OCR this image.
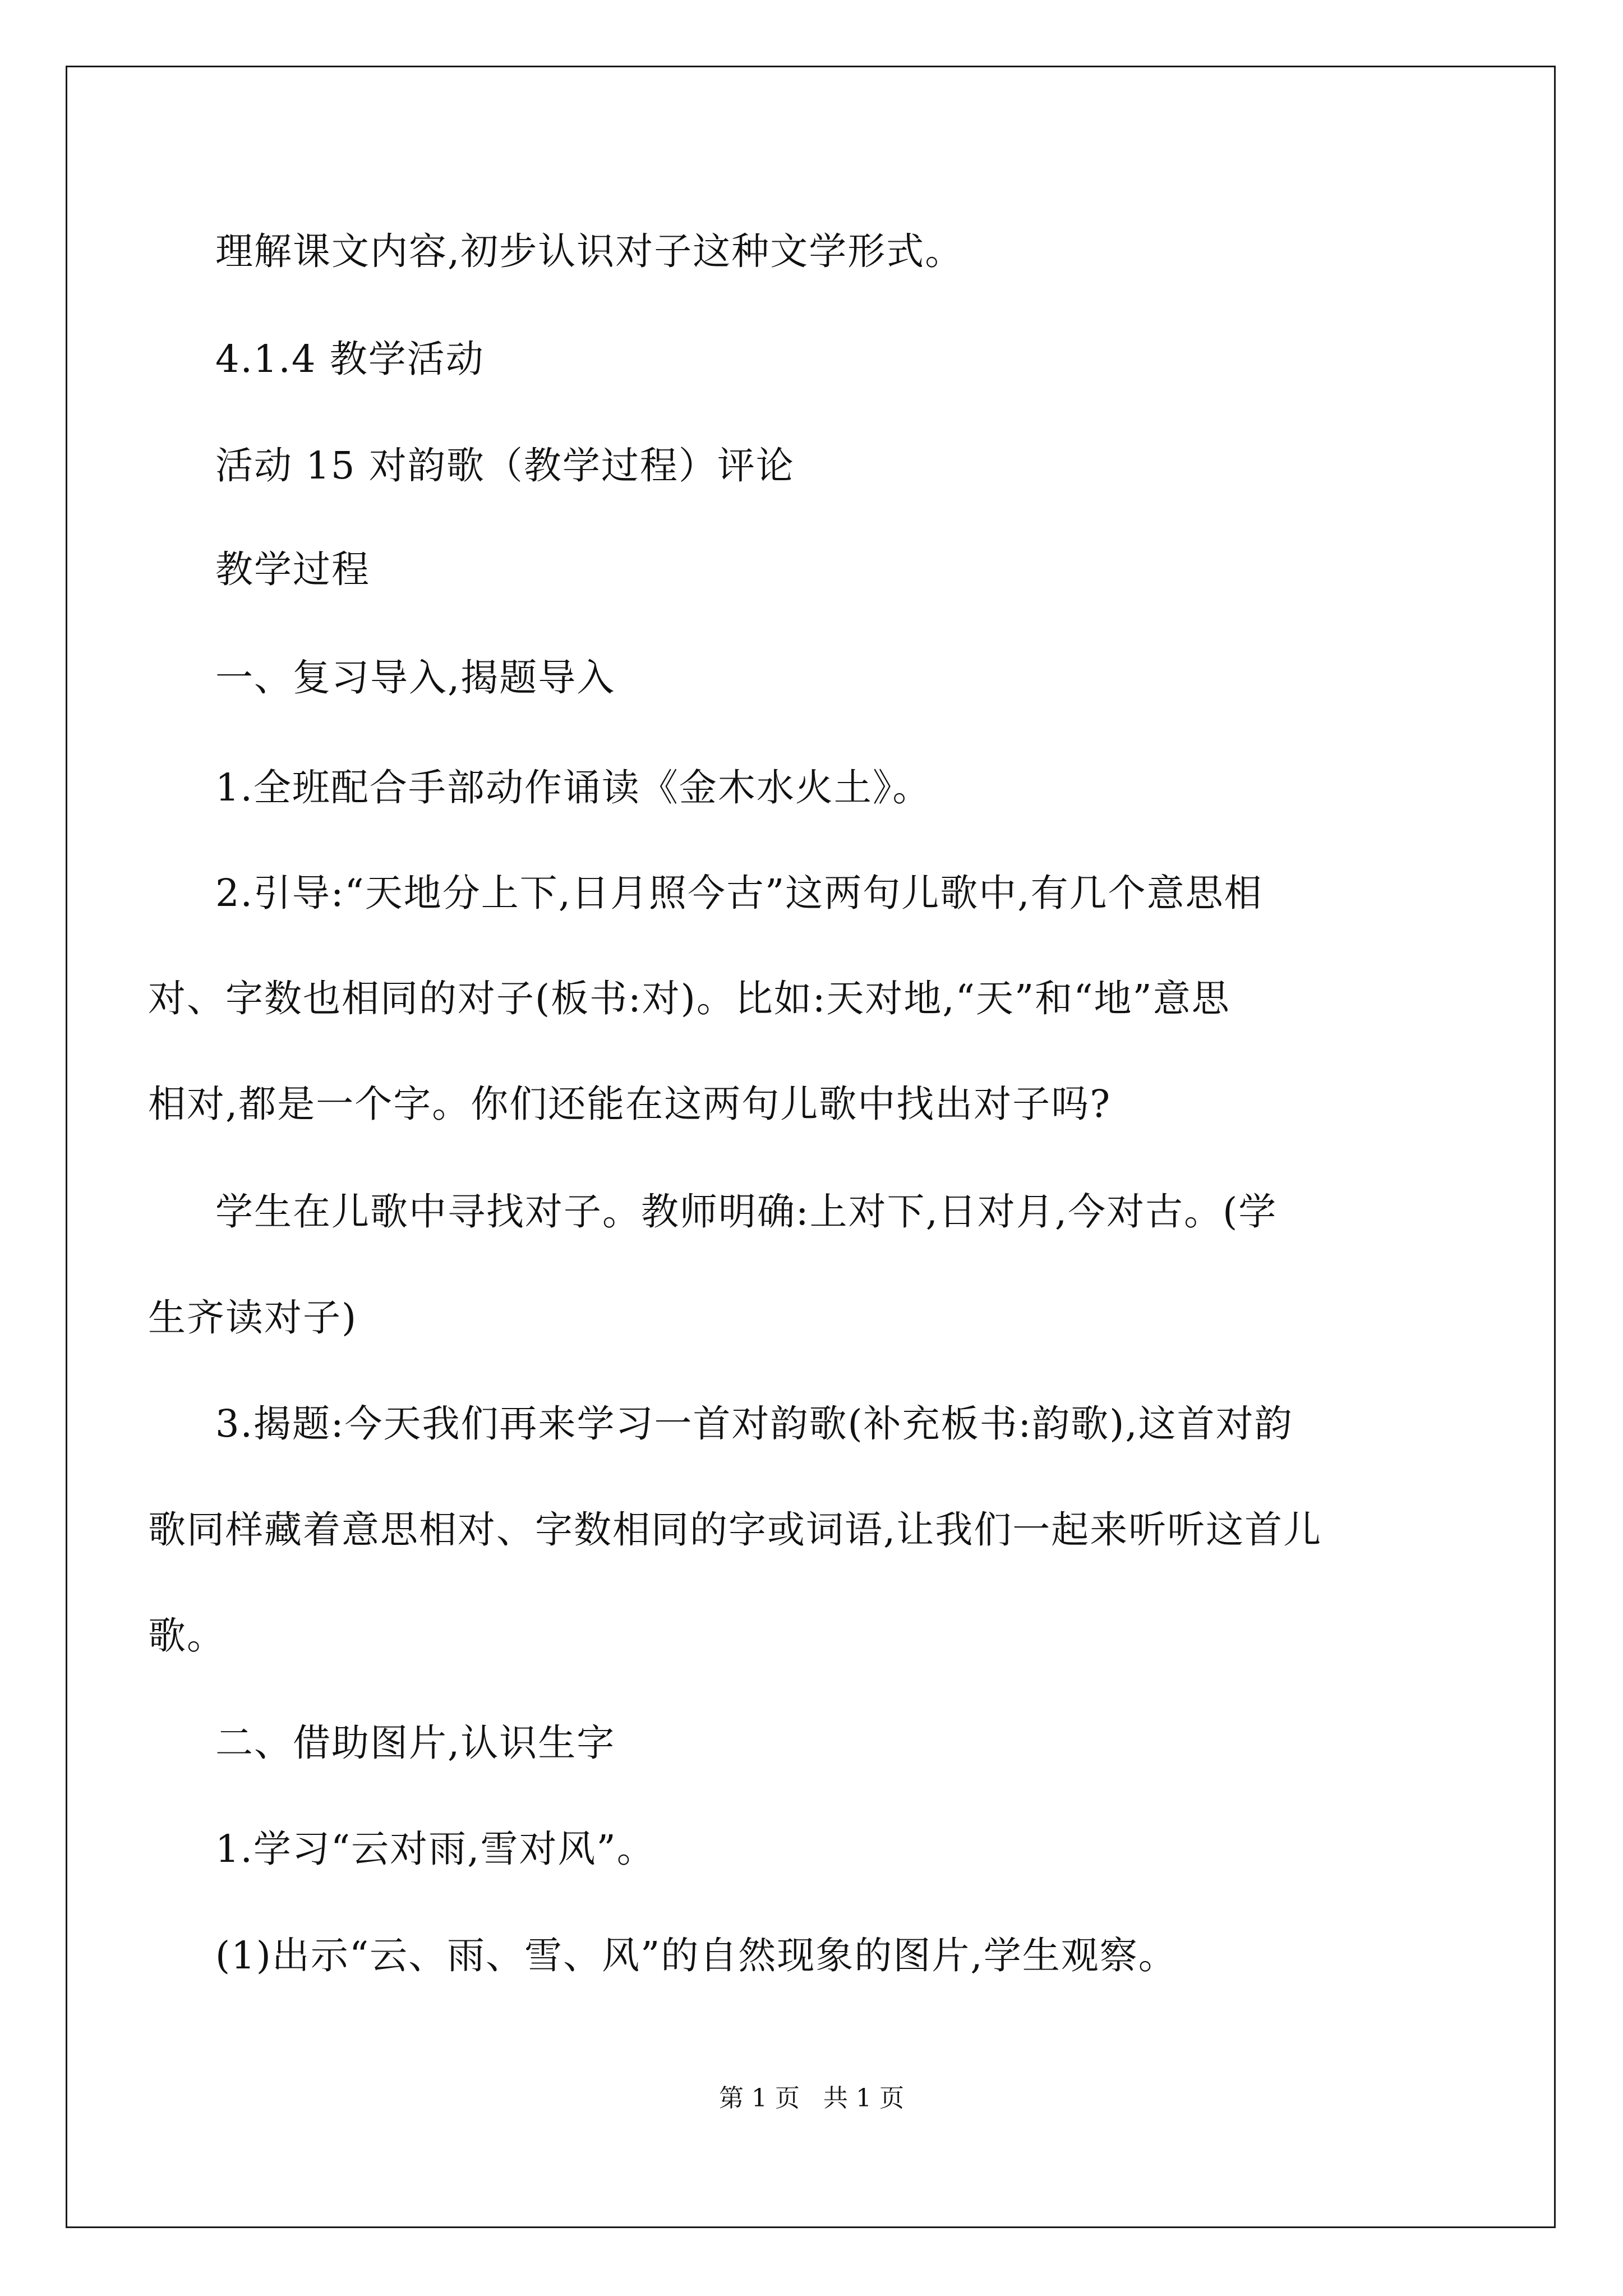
理解课文内容,初步认识对子这种文学形式。
4.1.4 教学活动
活动 15 对韵歌（教学过程）评论
教学过程
一、复习导入,揭题导入
1.全班配合手部动作诵读《金木水火土》。
2.引导:“天地分上下,日月照今古”这两句儿歌中,有几个意思相
对、字数也相同的对子(板书:对)。比如:天对地,“天”和“地”意思
相对,都是一个字。你们还能在这两句儿歌中找出对子吗?
学生在儿歌中寻找对子。教师明确:上对下,日对月,今对古。(学
生齐读对子)
3.揭题:今天我们再来学习一首对韵歌(补充板书:韵歌),这首对韵
歌同样藏着意思相对、字数相同的字或词语,让我们一起来听听这首儿
歌。
二、借助图片,认识生字
1.学习“云对雨,雪对风”。
(1)出示“云、雨、雪、风”的自然现象的图片,学生观察。
第 1 页   共 1 页
